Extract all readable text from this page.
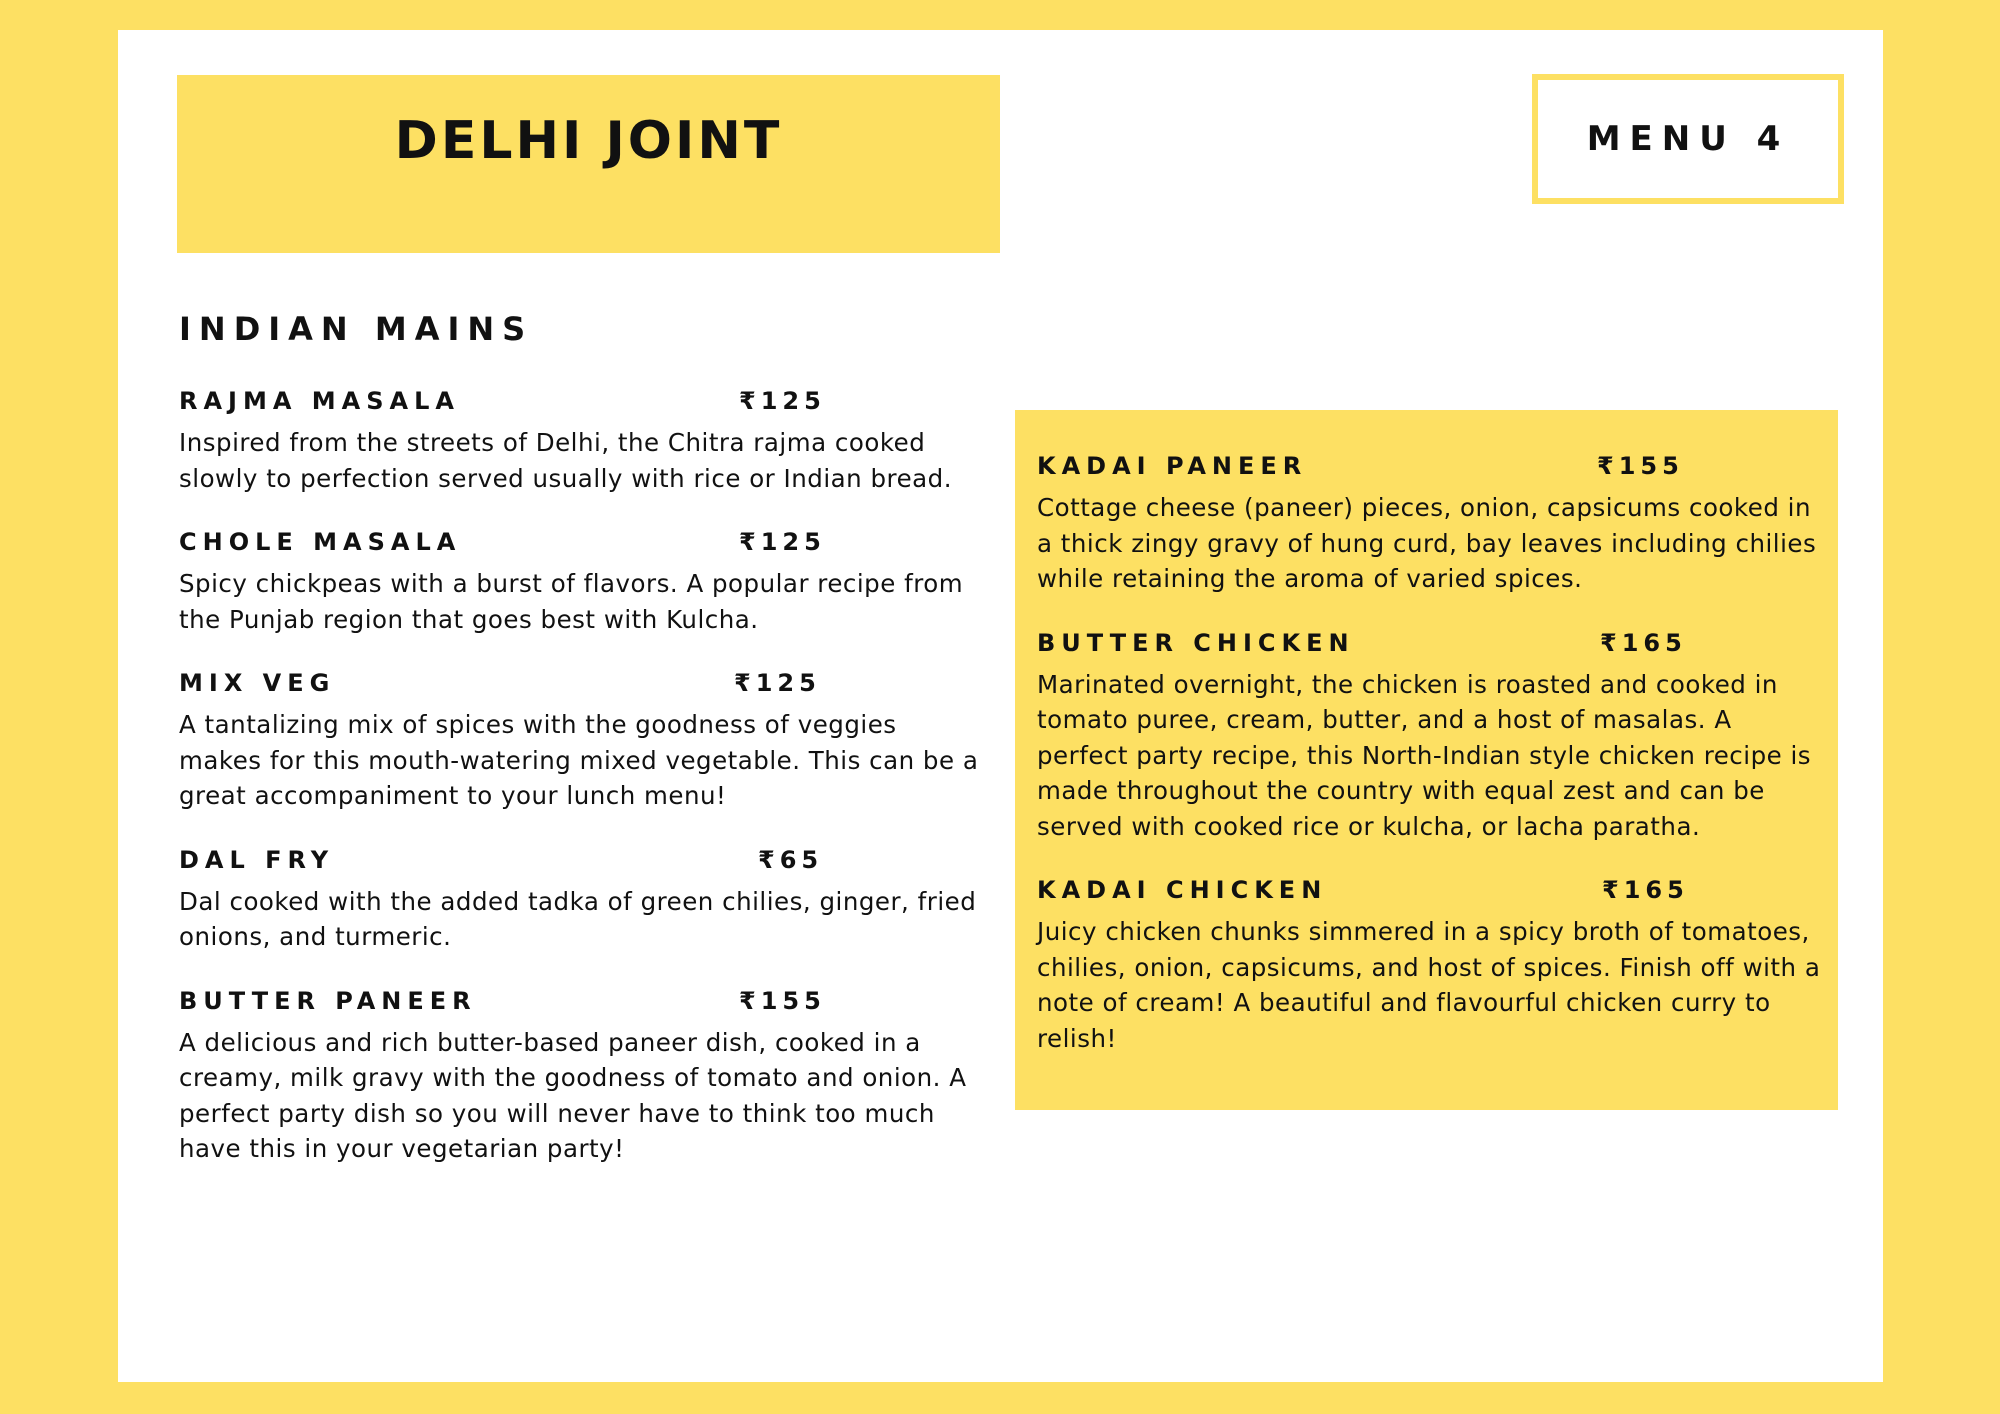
DELHI JOINT	MENU 4
INDIAN MAINS
RAJMA MASALA	₹125

Inspired from the streets of Delhi, the Chitra rajma cooked slowly to perfection served usually with rice or Indian bread.

CHOLE MASALA	₹125

Spicy chickpeas with a burst of flavors. A popular recipe from the Punjab region that goes best with Kulcha.

MIX VEG	₹125

A tantalizing mix of spices with the goodness of veggies makes for this mouth-watering mixed vegetable. This can be a great accompaniment to your lunch menu!

DAL FRY	₹65

Dal cooked with the added tadka of green chilies, ginger, fried onions, and turmeric.

BUTTER PANEER	₹155

A delicious and rich butter-based paneer dish, cooked in a creamy, milk gravy with the goodness of tomato and onion. A perfect party dish so you will never have to think too much have this in your vegetarian party!

KADAI PANEER	₹155

Cottage cheese (paneer) pieces, onion, capsicums cooked in a thick zingy gravy of hung curd, bay leaves including chilies while retaining the aroma of varied spices.

BUTTER CHICKEN	₹165

Marinated overnight, the chicken is roasted and cooked in tomato puree, cream, butter, and a host of masalas. A perfect party recipe, this North-Indian style chicken recipe is made throughout the country with equal zest and can be served with cooked rice or kulcha, or lacha paratha.

KADAI CHICKEN	₹165

Juicy chicken chunks simmered in a spicy broth of tomatoes, chilies, onion, capsicums, and host of spices. Finish off with a note of cream! A beautiful and flavourful chicken curry to relish!
